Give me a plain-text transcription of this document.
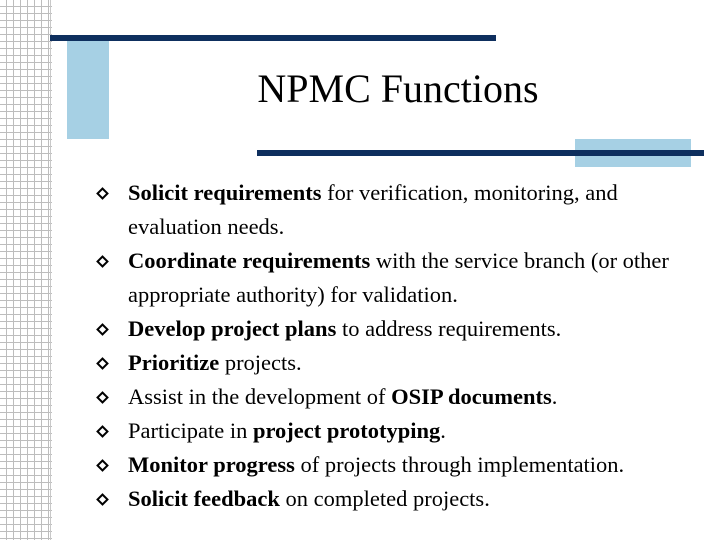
NPMC Functions
Solicit requirements for verification, monitoring, and evaluation needs.
Coordinate requirements with the service branch (or other appropriate authority) for validation.
Develop project plans to address requirements.
Prioritize projects.
Assist in the development of OSIP documents.
Participate in project prototyping.
Monitor progress of projects through implementation.
Solicit feedback on completed projects.
